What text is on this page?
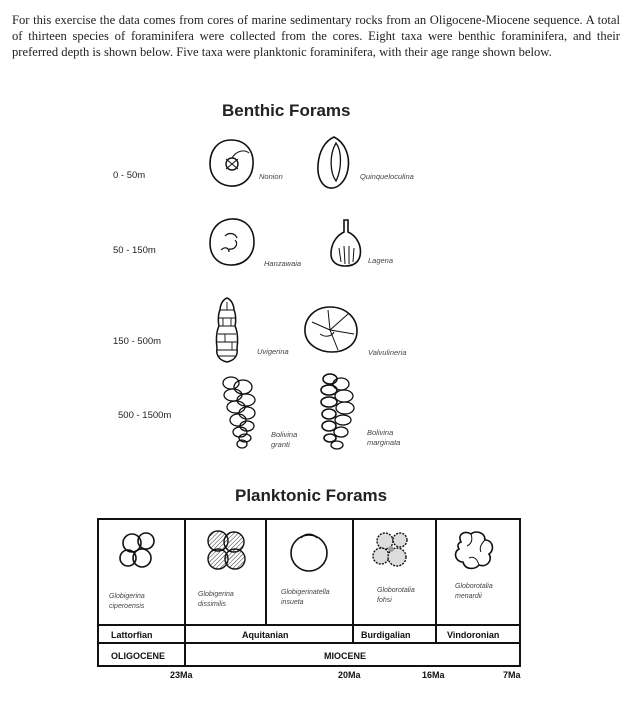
For this exercise the data comes from cores of marine sedimentary rocks from an Oligocene-Miocene sequence. A total of thirteen species of foraminifera were collected from the cores. Eight taxa were benthic foraminifera, and their preferred depth is shown below. Five taxa were planktonic foraminifera, with their age range shown below.
Benthic Forams
0 - 50m
50 - 150m
150 - 500m
500 - 1500m
Nonion	Quinqueloculina
Hanzawaia	Lagena
Uvigerina	Valvulineria
Bolivina
granti
Bolivina
marginata
Planktonic Forams
Globigerina
ciperoensis
Globigerina
dissimilis
Globigerinatella
insueta
Globorotalia
fohsi
Globorotalia
menardii
Lattorfian	Aquitanian	Burdigalian	Vindoronian
OLIGOCENE	MIOCENE
23Ma	20Ma	16Ma	7Ma
